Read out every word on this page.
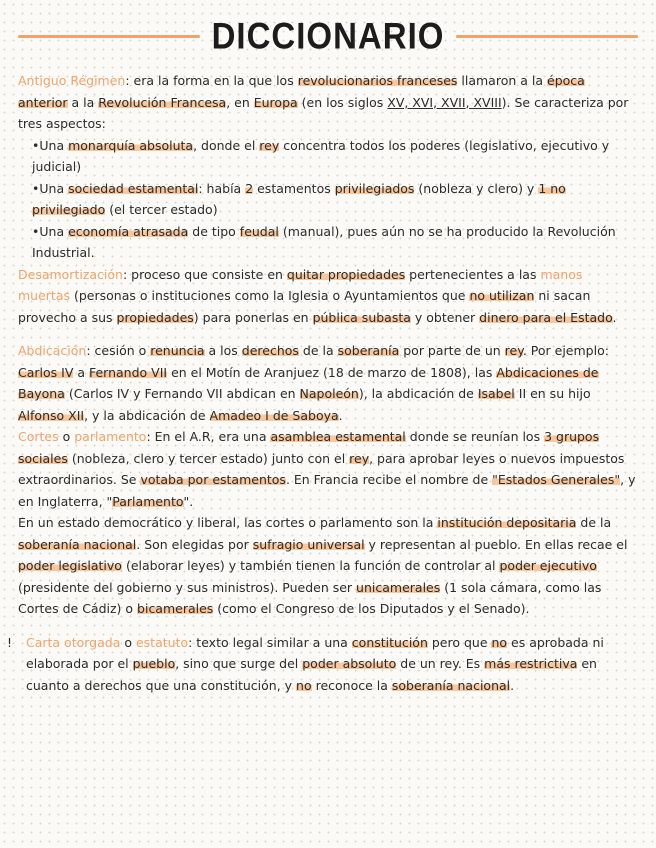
DICCIONARIO

Antiguo Régimen: era la forma en la que los revolucionarios franceses llamaron a la época anterior a la Revolución Francesa, en Europa (en los siglos XV, XVI, XVII, XVIII). Se caracteriza por tres aspectos:

•Una monarquía absoluta, donde el rey concentra todos los poderes (legislativo, ejecutivo y judicial)

•Una sociedad estamental: había 2 estamentos privilegiados (nobleza y clero) y 1 no privilegiado (el tercer estado)

•Una economía atrasada de tipo feudal (manual), pues aún no se ha producido la Revolución Industrial.

Desamortización: proceso que consiste en quitar propiedades pertenecientes a las manos muertas (personas o instituciones como la Iglesia o Ayuntamientos que no utilizan ni sacan provecho a sus propiedades) para ponerlas en pública subasta y obtener dinero para el Estado.

Abdicación: cesión o renuncia a los derechos de la soberanía por parte de un rey. Por ejemplo: Carlos IV a Fernando VII en el Motín de Aranjuez (18 de marzo de 1808), las Abdicaciones de Bayona (Carlos IV y Fernando VII abdican en Napoleón), la abdicación de Isabel II en su hijo Alfonso XII, y la abdicación de Amadeo I de Saboya.

Cortes o parlamento: En el A.R, era una asamblea estamental donde se reunían los 3 grupos sociales (nobleza, clero y tercer estado) junto con el rey, para aprobar leyes o nuevos impuestos extraordinarios. Se votaba por estamentos. En Francia recibe el nombre de "Estados Generales", y en Inglaterra, "Parlamento".

En un estado democrático y liberal, las cortes o parlamento son la institución depositaria de la soberanía nacional. Son elegidas por sufragio universal y representan al pueblo. En ellas recae el poder legislativo (elaborar leyes) y también tienen la función de controlar al poder ejecutivo (presidente del gobierno y sus ministros). Pueden ser unicamerales (1 sola cámara, como las Cortes de Cádiz) o bicamerales (como el Congreso de los Diputados y el Senado).

! Carta otorgada o estatuto: texto legal similar a una constitución pero que no es aprobada ni elaborada por el pueblo, sino que surge del poder absoluto de un rey. Es más restrictiva en cuanto a derechos que una constitución, y no reconoce la soberanía nacional.
